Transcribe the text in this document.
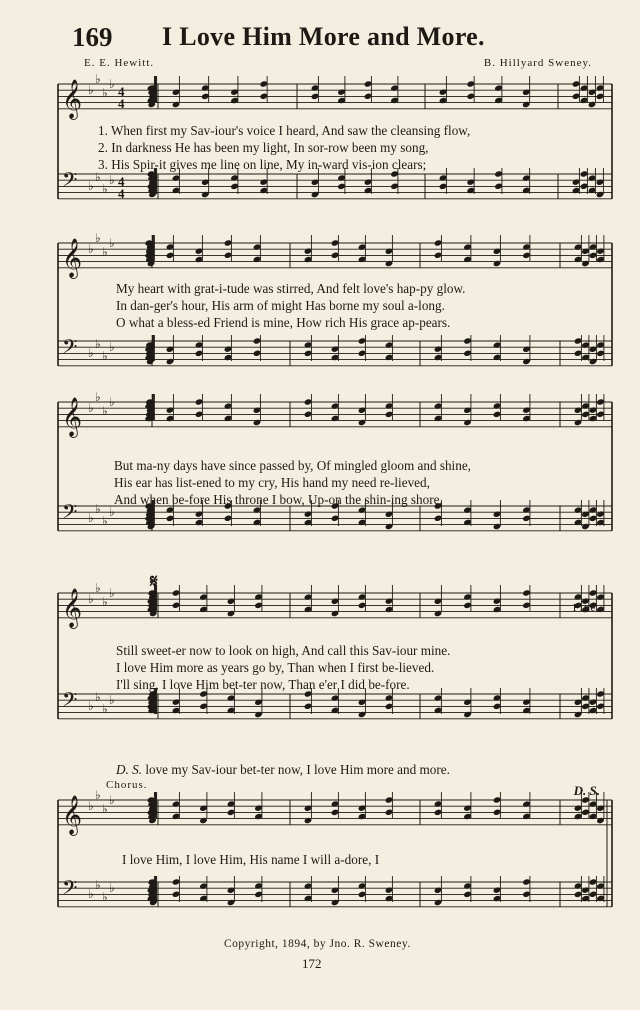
169 I Love Him More and More.
E. E. Hewitt.	B. Hillyard Sweney.
𝄞 ♭
♭
♭
♭ 4
4
𝄢 ♭
♭
♭
♭ 4
4
𝄞 ♭
♭
♭
♭
𝄢 ♭
♭
♭
♭
𝄞 ♭
♭
♭
♭
𝄢 ♭
♭
♭
♭
𝄞 ♭
♭
♭
♭
𝄢 ♭
♭
♭
♭
𝄞 ♭
♭
♭
♭
𝄢 ♭
♭
♭
♭
𝄋
1. When first my Sav-iour's voice I heard, And saw the cleansing flow,
2. In darkness He has been my light, In sor-row been my song,
3. His Spir-it gives me line on line, My in-ward vis-ion clears;
My heart with grat-i-tude was stirred, And felt love's hap-py glow.
In dan-ger's hour, His arm of might Has borne my soul a-long.
O what a bless-ed Friend is mine, How rich His grace ap-pears.
But ma-ny days have since passed by, Of mingled gloom and shine,
His ear has list-ened to my cry, His hand my need re-lieved,
And when be-fore His throne I bow, Up-on the shin-ing shore,
Fine.
Still sweet-er now to look on high, And call this Sav-iour mine.
I love Him more as years go by, Than when I first be-lieved.
I'll sing, I love Him bet-ter now, Than e'er I did be-fore.
D. S. love my Sav-iour bet-ter now, I love Him more and more.
Chorus.	D. S.
I love Him, I love Him, His name I will a-dore, I
Copyright, 1894, by Jno. R. Sweney.
172
